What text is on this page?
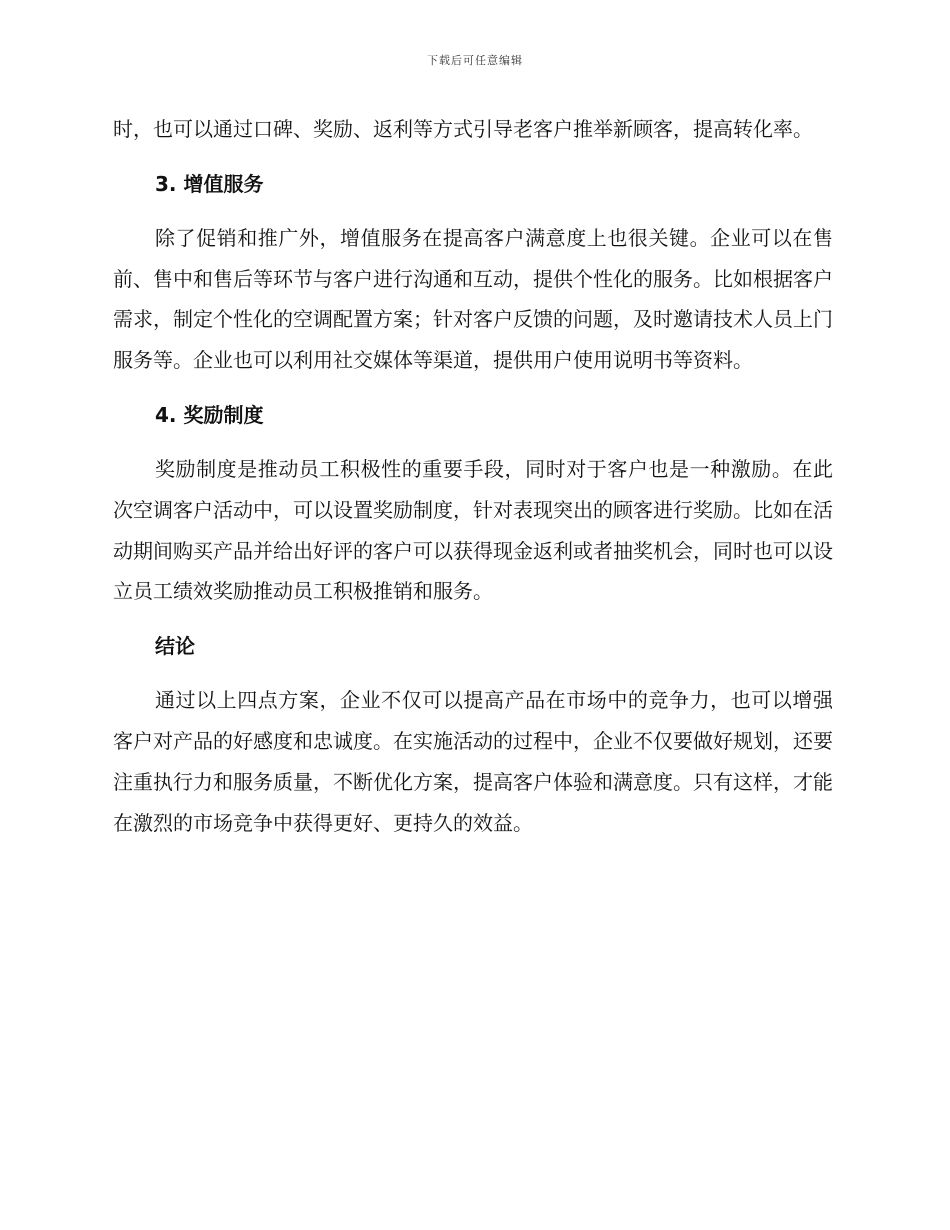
下载后可任意编辑

时，也可以通过口碑、奖励、返利等方式引导老客户推举新顾客，提高转化率。

3. 增值服务

除了促销和推广外，增值服务在提高客户满意度上也很关键。企业可以在售前、售中和售后等环节与客户进行沟通和互动，提供个性化的服务。比如根据客户需求，制定个性化的空调配置方案；针对客户反馈的问题，及时邀请技术人员上门服务等。企业也可以利用社交媒体等渠道，提供用户使用说明书等资料。

4. 奖励制度

奖励制度是推动员工积极性的重要手段，同时对于客户也是一种激励。在此次空调客户活动中，可以设置奖励制度，针对表现突出的顾客进行奖励。比如在活动期间购买产品并给出好评的客户可以获得现金返利或者抽奖机会，同时也可以设立员工绩效奖励推动员工积极推销和服务。

结论

通过以上四点方案，企业不仅可以提高产品在市场中的竞争力，也可以增强客户对产品的好感度和忠诚度。在实施活动的过程中，企业不仅要做好规划，还要注重执行力和服务质量，不断优化方案，提高客户体验和满意度。只有这样，才能在激烈的市场竞争中获得更好、更持久的效益。
